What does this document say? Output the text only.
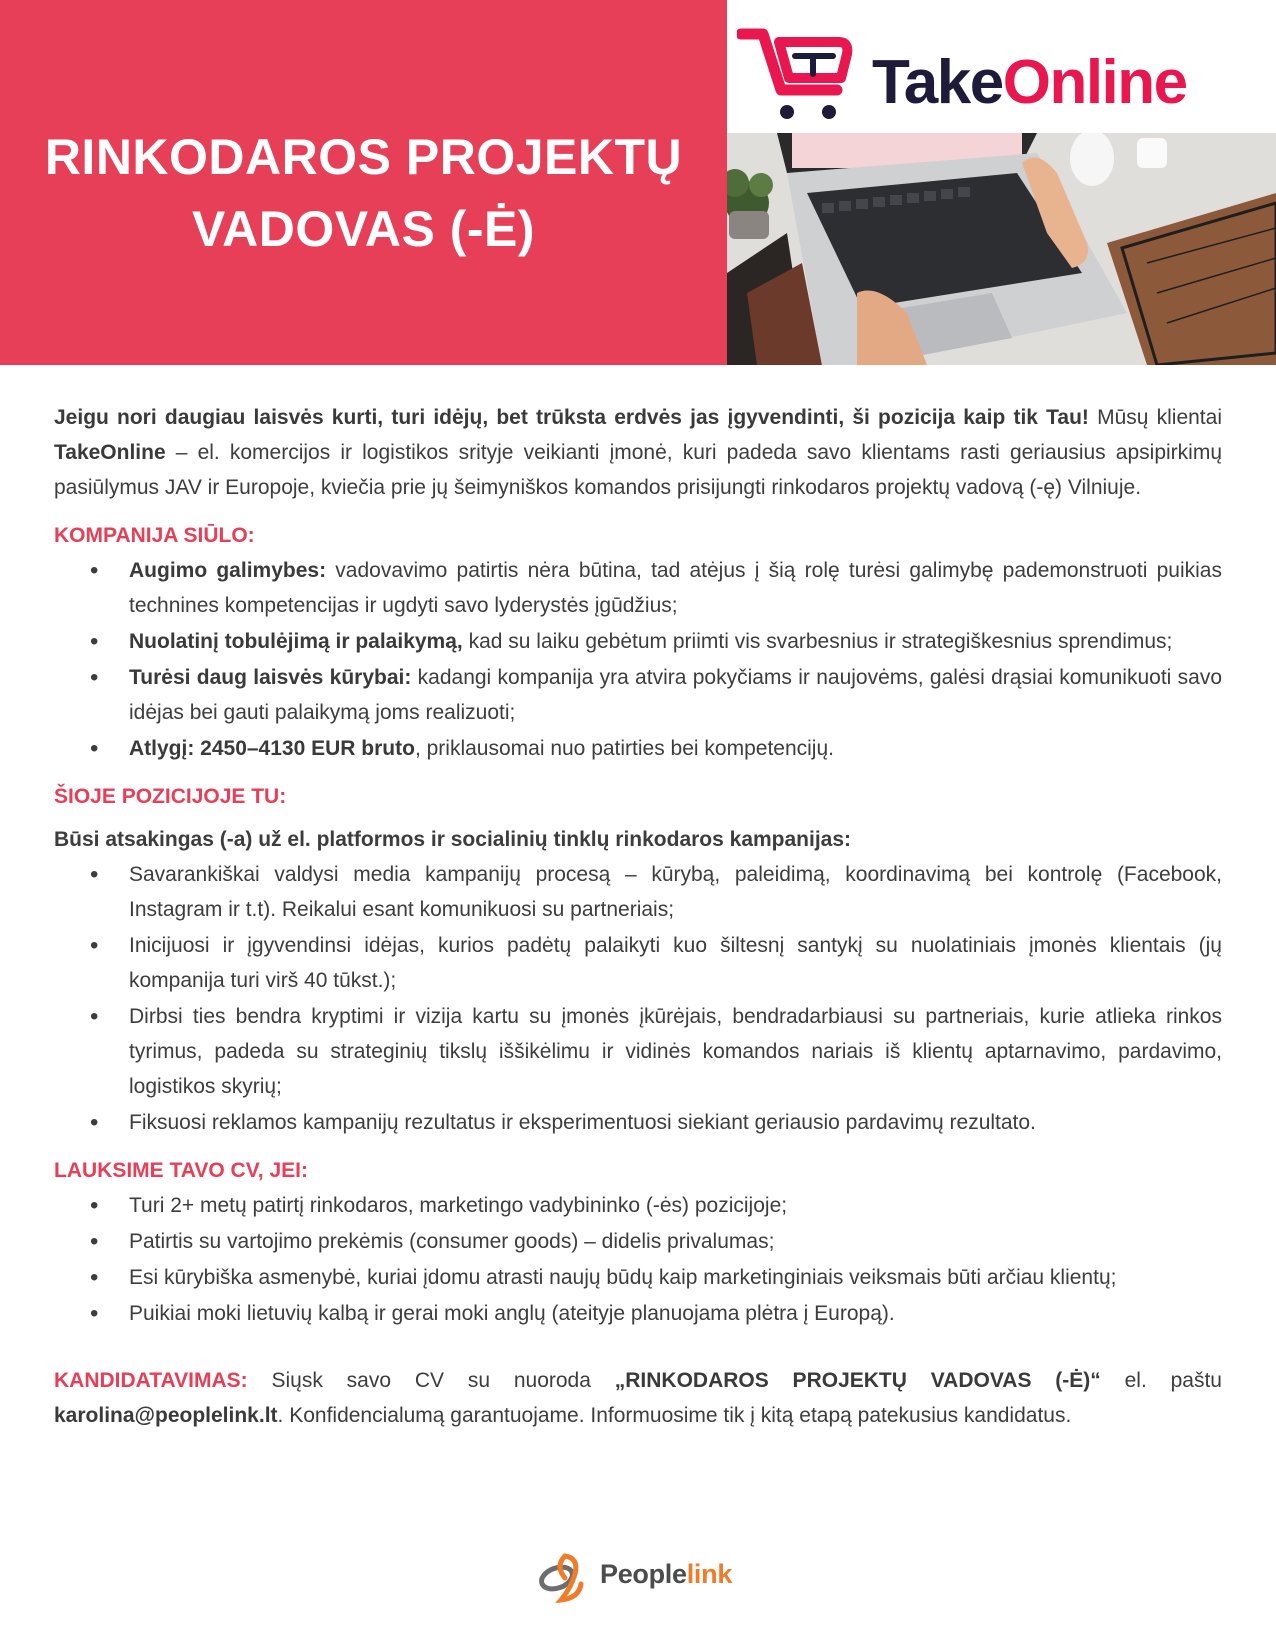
RINKODAROS PROJEKTŲ
VADOVAS (-Ė)
TakeOnline

Jeigu nori daugiau laisvės kurti, turi idėjų, bet trūksta erdvės jas įgyvendinti, ši pozicija kaip tik Tau! Mūsų klientai TakeOnline – el. komercijos ir logistikos srityje veikianti įmonė, kuri padeda savo klientams rasti geriausius apsipirkimų pasiūlymus JAV ir Europoje, kviečia prie jų šeimyniškos komandos prisijungti rinkodaros projektų vadovą (-ę) Vilniuje.

KOMPANIJA SIŪLO:
• Augimo galimybes: vadovavimo patirtis nėra būtina, tad atėjus į šią rolę turėsi galimybę pademonstruoti puikias technines kompetencijas ir ugdyti savo lyderystės įgūdžius;
• Nuolatinį tobulėjimą ir palaikymą, kad su laiku gebėtum priimti vis svarbesnius ir strategiškesnius sprendimus;
• Turėsi daug laisvės kūrybai: kadangi kompanija yra atvira pokyčiams ir naujovėms, galėsi drąsiai komunikuoti savo idėjas bei gauti palaikymą joms realizuoti;
• Atlygį: 2450–4130 EUR bruto, priklausomai nuo patirties bei kompetencijų.
ŠIOJE POZICIJOJE TU:

Būsi atsakingas (-a) už el. platformos ir socialinių tinklų rinkodaros kampanijas:

• Savarankiškai valdysi media kampanijų procesą – kūrybą, paleidimą, koordinavimą bei kontrolę (Facebook, Instagram ir t.t). Reikalui esant komunikuosi su partneriais;
• Inicijuosi ir įgyvendinsi idėjas, kurios padėtų palaikyti kuo šiltesnį santykį su nuolatiniais įmonės klientais (jų kompanija turi virš 40 tūkst.);
• Dirbsi ties bendra kryptimi ir vizija kartu su įmonės įkūrėjais, bendradarbiausi su partneriais, kurie atlieka rinkos tyrimus, padeda su strateginių tikslų iššikėlimu ir vidinės komandos nariais iš klientų aptarnavimo, pardavimo, logistikos skyrių;
• Fiksuosi reklamos kampanijų rezultatus ir eksperimentuosi siekiant geriausio pardavimų rezultato.
LAUKSIME TAVO CV, JEI:
• Turi 2+ metų patirtį rinkodaros, marketingo vadybininko (-ės) pozicijoje;
• Patirtis su vartojimo prekėmis (consumer goods) – didelis privalumas;
• Esi kūrybiška asmenybė, kuriai įdomu atrasti naujų būdų kaip marketinginiais veiksmais būti arčiau klientų;
• Puikiai moki lietuvių kalbą ir gerai moki anglų (ateityje planuojama plėtra į Europą).

KANDIDATAVIMAS: Siųsk savo CV su nuoroda „RINKODAROS PROJEKTŲ VADOVAS (-Ė)“ el. paštu karolina@peoplelink.lt. Konfidencialumą garantuojame. Informuosime tik į kitą etapą patekusius kandidatus.

Peoplelink
